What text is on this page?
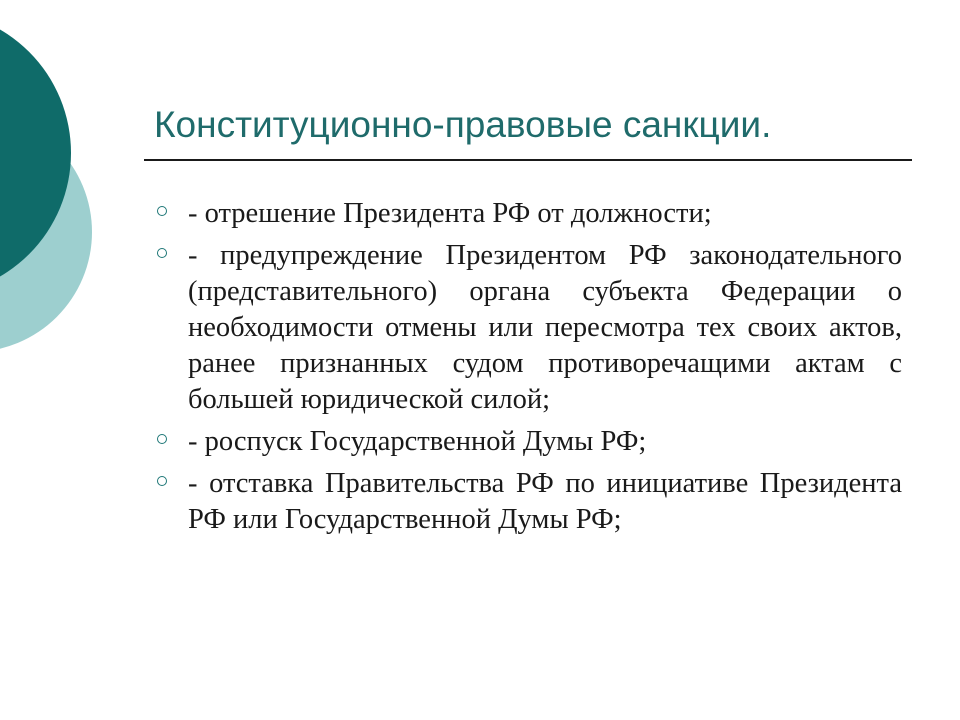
Конституционно-правовые санкции.
- отрешение Президента РФ от должности;
- предупреждение Президентом РФ законодательного (представительного) органа субъекта Федерации о необходимости отмены или пересмотра тех своих актов, ранее признанных судом противоречащими актам с большей юридической силой;
- роспуск Государственной Думы РФ;
- отставка Правительства РФ по инициативе Президента РФ или Государственной Думы РФ;
